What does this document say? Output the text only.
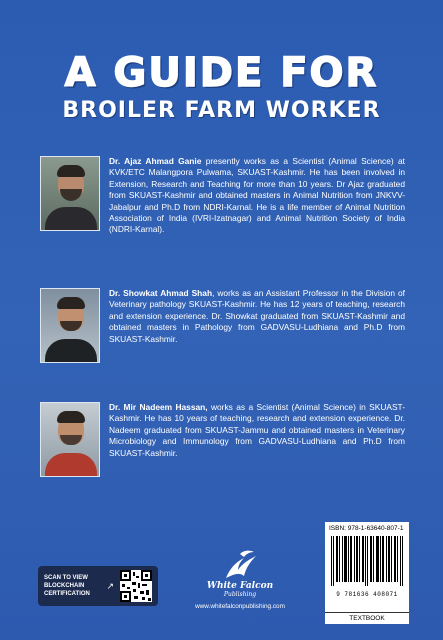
A GUIDE FOR
BROILER FARM WORKER
Dr. Ajaz Ahmad Ganie presently works as a Scientist (Animal Science) at KVK/ETC Malangpora Pulwama, SKUAST-Kashmir. He has been involved in Extension, Research and Teaching for more than 10 years. Dr Ajaz graduated from SKUAST-Kashmir and obtained masters in Animal Nutrition from JNKVV-Jabalpur and Ph.D from NDRI-Karnal. He is a life member of Animal Nutrition Association of India (IVRI-Izatnagar) and Animal Nutrition Society of India (NDRI-Karnal).
Dr. Showkat Ahmad Shah, works as an Assistant Professor in the Division of Veterinary pathology SKUAST-Kashmir. He has 12 years of teaching, research and extension experience. Dr. Showkat graduated from SKUAST-Kashmir and obtained masters in Pathology from GADVASU-Ludhiana and Ph.D from SKUAST-Kashmir.
Dr. Mir Nadeem Hassan, works as a Scientist (Animal Science) in SKUAST-Kashmir. He has 10 years of teaching, research and extension experience. Dr. Nadeem graduated from SKUAST-Jammu and obtained masters in Veterinary Microbiology and Immunology from GADVASU-Ludhiana and Ph.D from SKUAST-Kashmir.
SCAN TO VIEW BLOCKCHAIN CERTIFICATION
↗	White Falcon
Publishing
www.whitefalconpublishing.com
ISBN: 978-1-63640-807-1
9 781636 408071
TEXTBOOK
